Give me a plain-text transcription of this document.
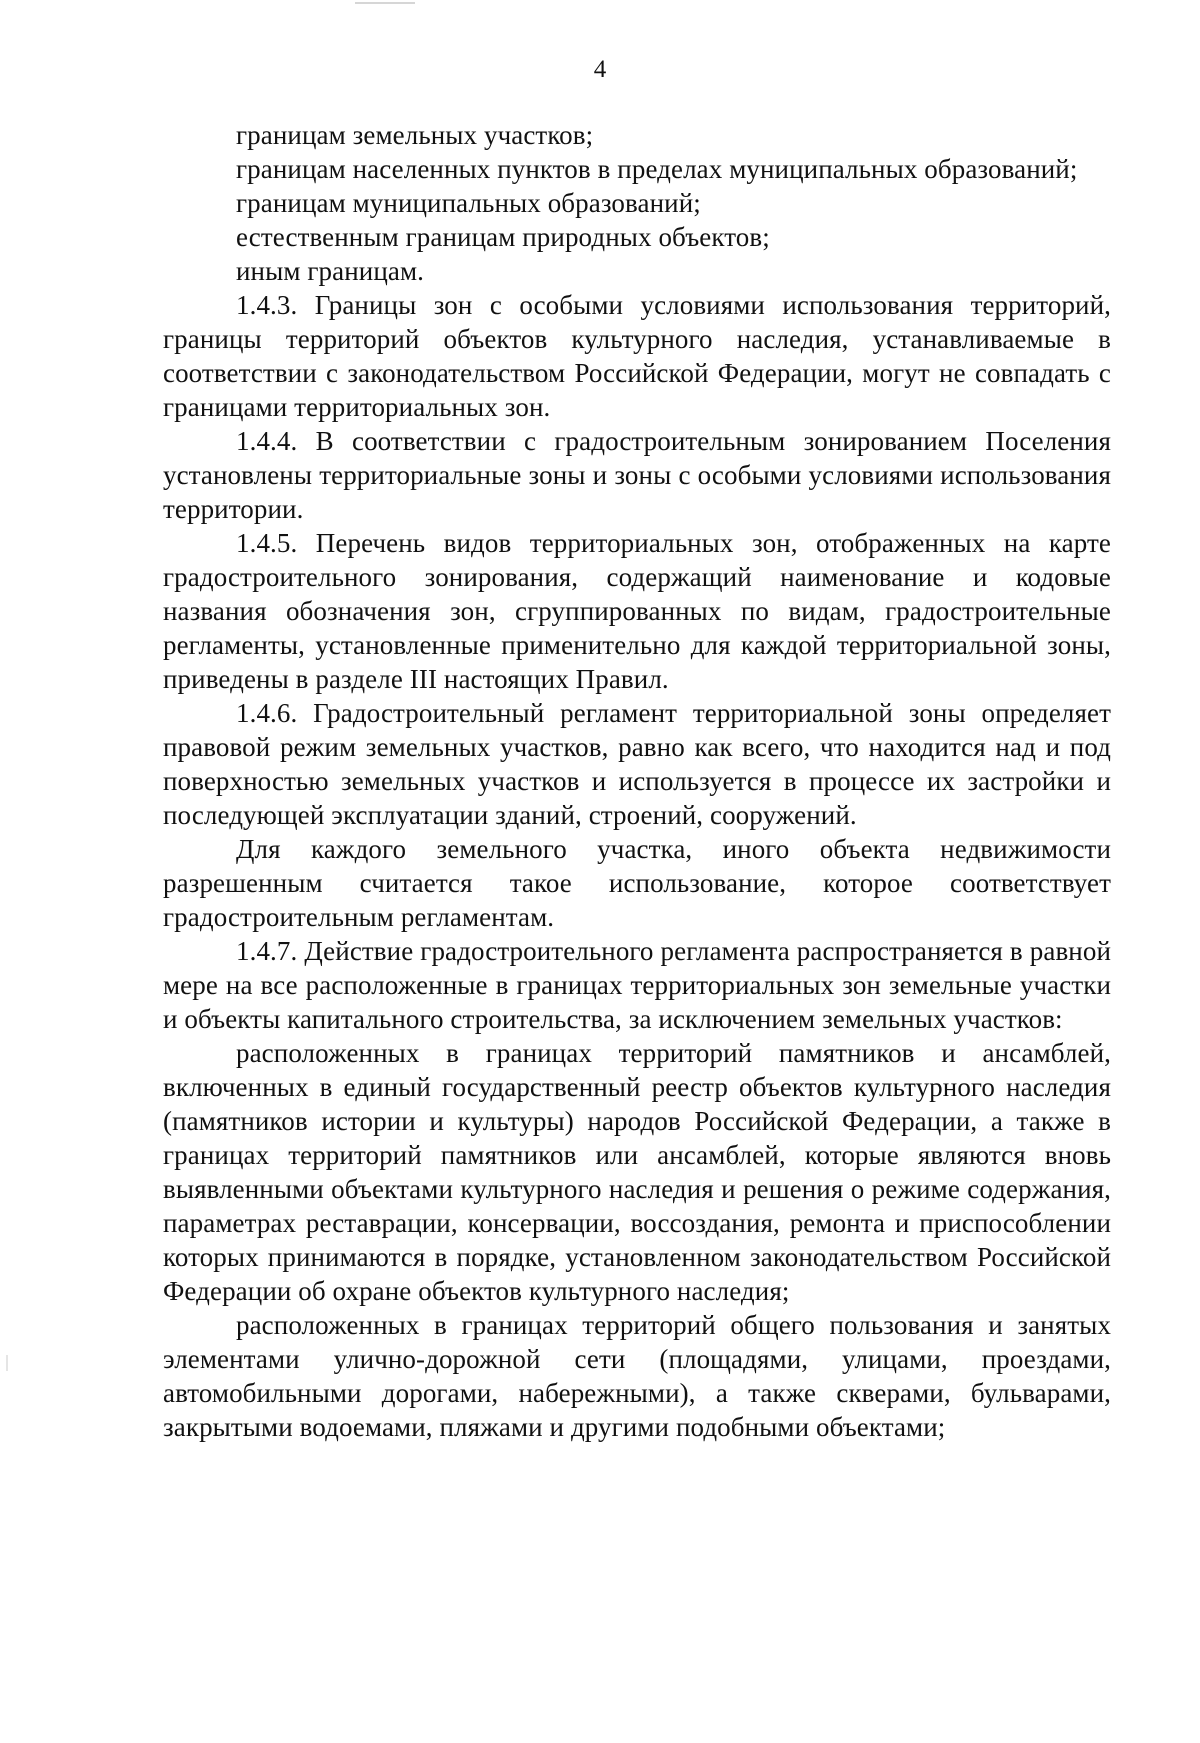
4

границам земельных участков;

границам населенных пунктов в пределах муниципальных образований;

границам муниципальных образований;

естественным границам природных объектов;

иным границам.

1.4.3. Границы зон с особыми условиями использования территорий, границы территорий объектов культурного наследия, устанавливаемые в соответствии с законодательством Российской Федерации, могут не совпадать с границами территориальных зон.

1.4.4. В соответствии с градостроительным зонированием Поселения установлены территориальные зоны и зоны с особыми условиями использования территории.

1.4.5. Перечень видов территориальных зон, отображенных на карте градостроительного зонирования, содержащий наименование и кодовые названия обозначения зон, сгруппированных по видам, градостроительные регламенты, установленные применительно для каждой территориальной зоны, приведены в разделе III настоящих Правил.

1.4.6. Градостроительный регламент территориальной зоны определяет правовой режим земельных участков, равно как всего, что находится над и под поверхностью земельных участков и используется в процессе их застройки и последующей эксплуатации зданий, строений, сооружений.

Для каждого земельного участка, иного объекта недвижимости разрешенным считается такое использование, которое соответствует градостроительным регламентам.

1.4.7. Действие градостроительного регламента распространяется в равной мере на все расположенные в границах территориальных зон земельные участки и объекты капитального строительства, за исключением земельных участков:

расположенных в границах территорий памятников и ансамблей, включенных в единый государственный реестр объектов культурного наследия (памятников истории и культуры) народов Российской Федерации, а также в границах территорий памятников или ансамблей, которые являются вновь выявленными объектами культурного наследия и решения о режиме содержания, параметрах реставрации, консервации, воссоздания, ремонта и приспособлении которых принимаются в порядке, установленном законодательством Российской Федерации об охране объектов культурного наследия;

расположенных в границах территорий общего пользования и занятых элементами улично-дорожной сети (площадями, улицами, проездами, автомобильными дорогами, набережными), а также скверами, бульварами, закрытыми водоемами, пляжами и другими подобными объектами;
